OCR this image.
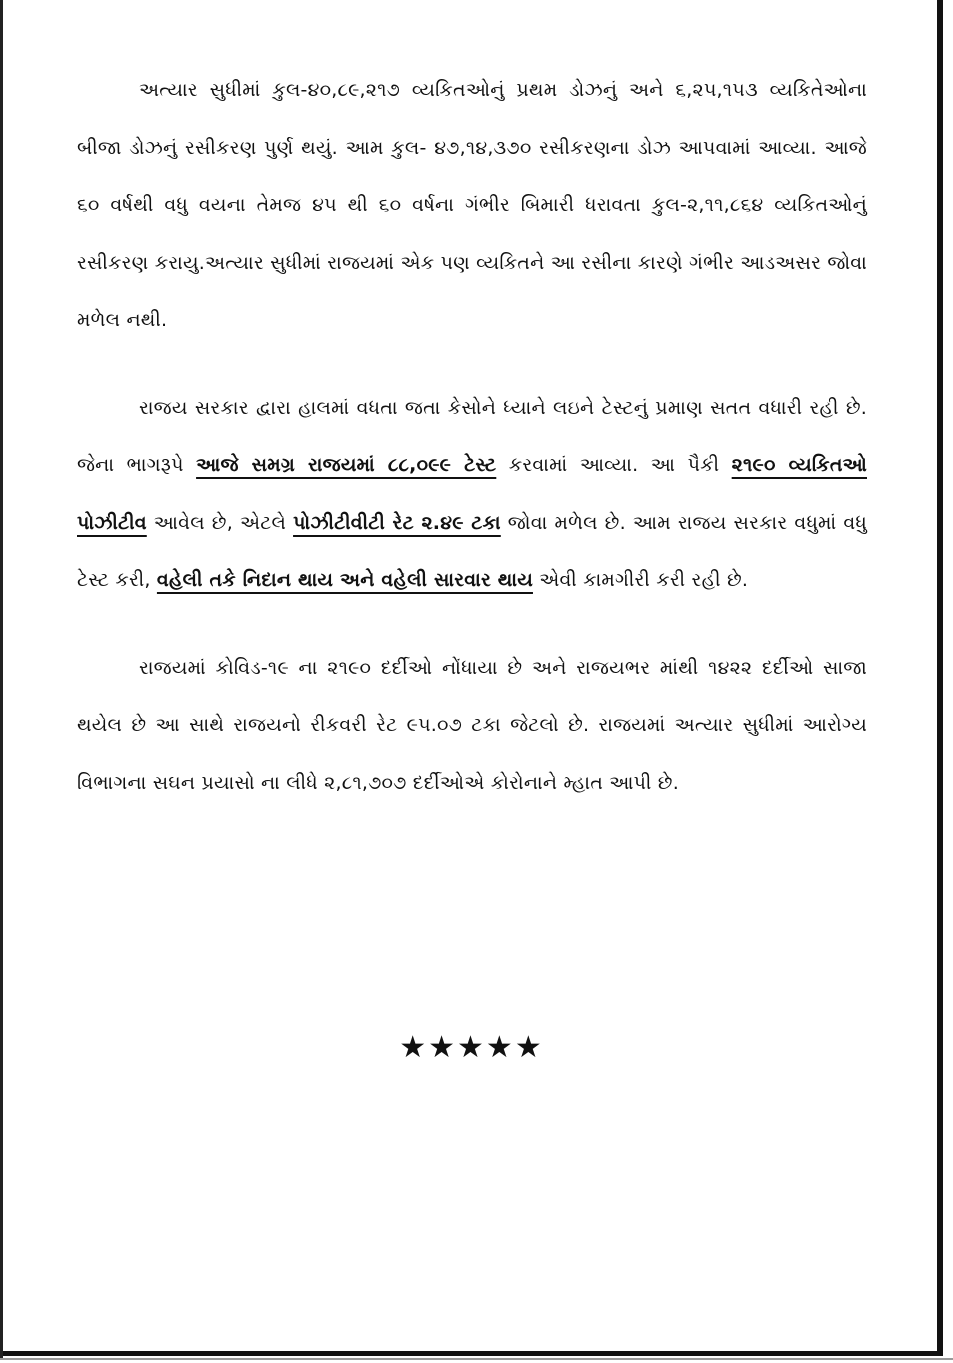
અત્યાર સુધીમાં કુલ-૪૦,૮૯,૨૧૭ વ્યકિતઓનું પ્રથમ ડોઝનું અને ૬,૨૫,૧૫૩ વ્યકિતેઓના બીજા ડોઝનું રસીકરણ પુર્ણ થયું. આમ કુલ- ૪૭,૧૪,૩૭૦ રસીકરણના ડોઝ આપવામાં આવ્યા. આજે ૬૦ વર્ષથી વધુ વયના તેમજ ૪૫ થી ૬૦ વર્ષના ગંભીર બિમારી ધરાવતા કુલ-૨,૧૧,૮૬૪ વ્યકિતઓનું રસીકરણ કરાયુ.અત્યાર સુધીમાં રાજયમાં એક પણ વ્યકિતને આ રસીના કારણે ગંભીર આડઅસર જોવા મળેલ નથી.

રાજય સરકાર દ્વારા હાલમાં વધતા જતા કેસોને ધ્યાને લઇને ટેસ્ટનું પ્રમાણ સતત વધારી રહી છે. જેના ભાગરૂપે આજે સમગ્ર રાજયમાં ૮૮,૦૯૯ ટેસ્ટ કરવામાં આવ્યા. આ પૈકી ૨૧૯૦ વ્યકિતઓ પોઝીટીવ આવેલ છે, એટલે પોઝીટીવીટી રેટ ૨.૪૯ ટકા જોવા મળેલ છે. આમ રાજય સરકાર વધુમાં વધુ ટેસ્ટ કરી, વહેલી તકે નિદાન થાય અને વહેલી સારવાર થાય એવી કામગીરી કરી રહી છે.

રાજયમાં કોવિડ-૧૯ ના ૨૧૯૦ દર્દીઓ નોંધાયા છે અને રાજયભર માંથી ૧૪૨૨ દર્દીઓ સાજા થયેલ છે આ સાથે રાજયનો રીકવરી રેટ ૯૫.૦૭ ટકા જેટલો છે. રાજયમાં અત્યાર સુધીમાં આરોગ્ય વિભાગના સઘન પ્રયાસો ના લીધે ૨,૮૧,૭૦૭ દર્દીઓએ કોરોનાને મ્હાત આપી છે.

★★★★★
